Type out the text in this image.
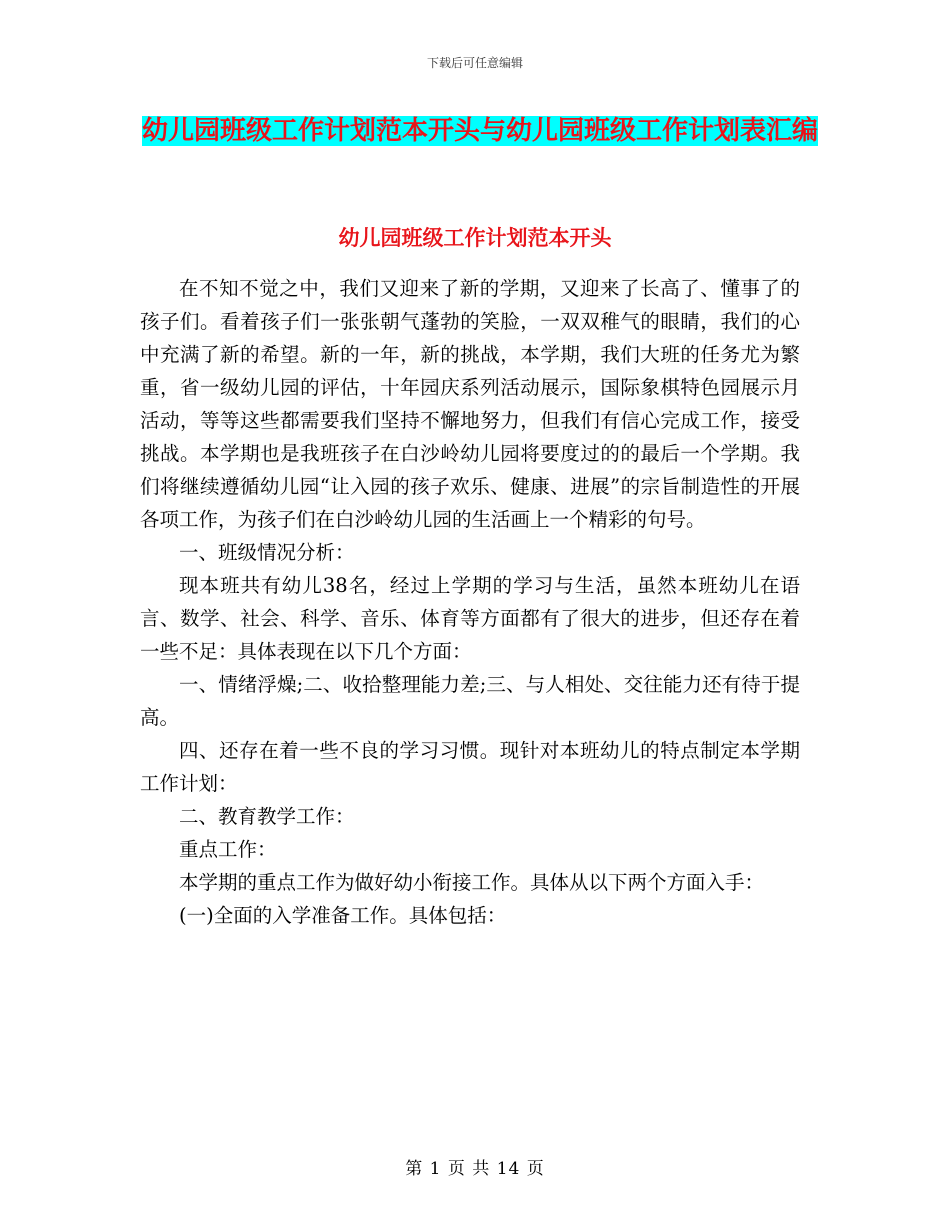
下载后可任意编辑
幼儿园班级工作计划范本开头与幼儿园班级工作计划表汇编
幼儿园班级工作计划范本开头

在不知不觉之中，我们又迎来了新的学期，又迎来了长高了、懂事了的孩子们。看着孩子们一张张朝气蓬勃的笑脸，一双双稚气的眼睛，我们的心中充满了新的希望。新的一年，新的挑战，本学期，我们大班的任务尤为繁重，省一级幼儿园的评估，十年园庆系列活动展示，国际象棋特色园展示月活动，等等这些都需要我们坚持不懈地努力，但我们有信心完成工作，接受挑战。本学期也是我班孩子在白沙岭幼儿园将要度过的的最后一个学期。我们将继续遵循幼儿园“让入园的孩子欢乐、健康、进展”的宗旨制造性的开展各项工作，为孩子们在白沙岭幼儿园的生活画上一个精彩的句号。

一、班级情况分析：

现本班共有幼儿38名，经过上学期的学习与生活，虽然本班幼儿在语言、数学、社会、科学、音乐、体育等方面都有了很大的进步，但还存在着一些不足：具体表现在以下几个方面：

一、情绪浮燥;二、收拾整理能力差;三、与人相处、交往能力还有待于提高。

四、还存在着一些不良的学习习惯。现针对本班幼儿的特点制定本学期工作计划：

二、教育教学工作：

重点工作：

本学期的重点工作为做好幼小衔接工作。具体从以下两个方面入手：

(一)全面的入学准备工作。具体包括：

第 1 页 共 14 页
